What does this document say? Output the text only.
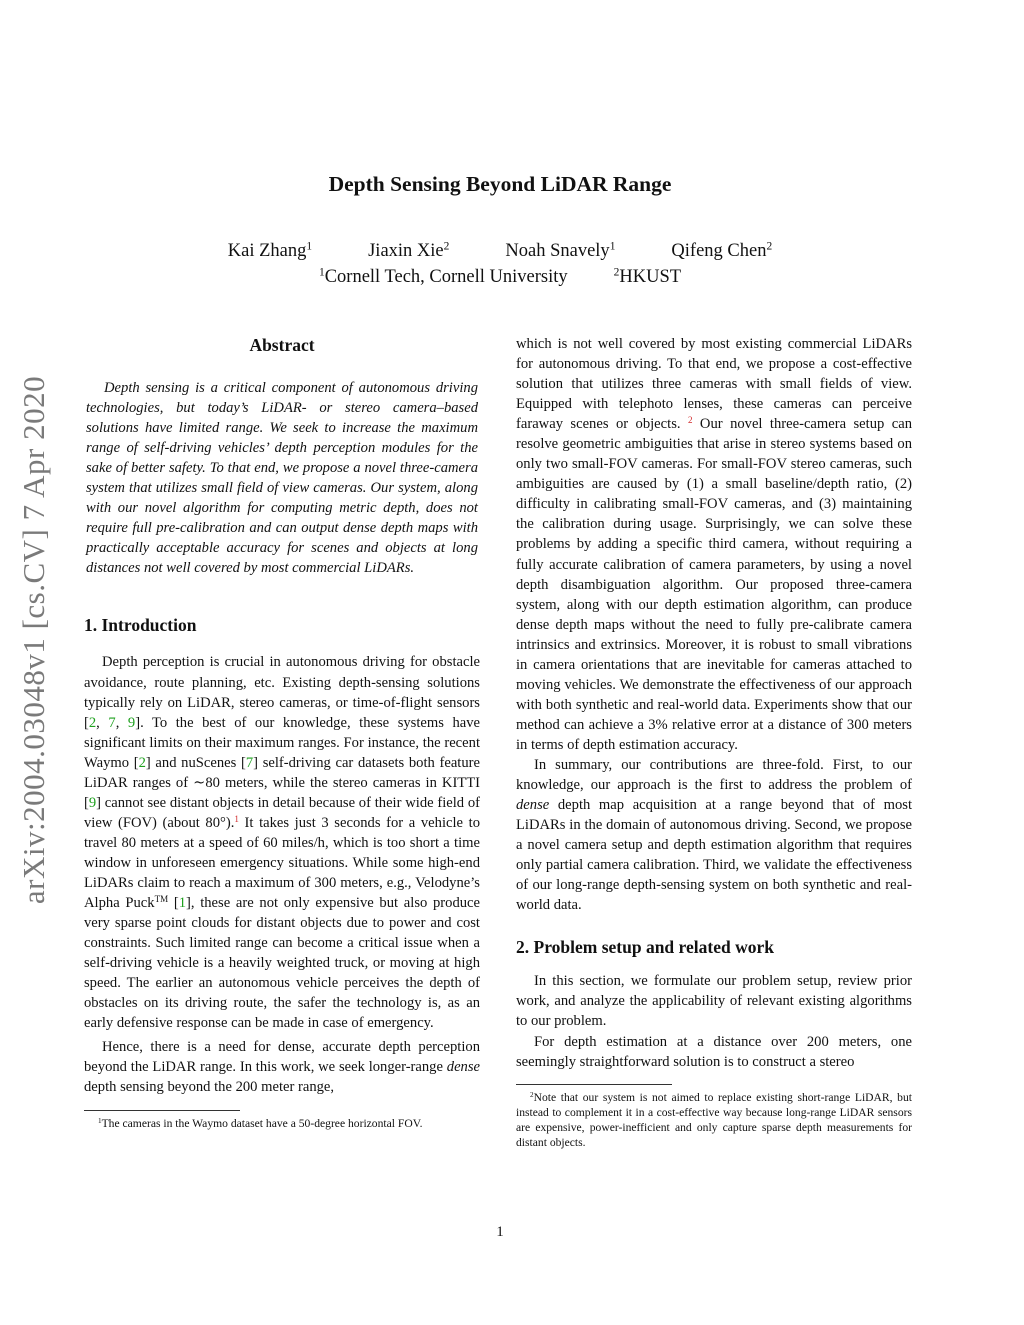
arXiv:2004.03048v1 [cs.CV] 7 Apr 2020
Depth Sensing Beyond LiDAR Range
Kai Zhang$^1$	Jiaxin Xie$^2$	Noah Snavely$^1$	Qifeng Chen$^2$
$^1$Cornell Tech, Cornell University	$^2$HKUST
Abstract

Depth sensing is a critical component of autonomous driving technologies, but today’s LiDAR- or stereo camera–based solutions have limited range. We seek to increase the maximum range of self-driving vehicles’ depth perception modules for the sake of better safety. To that end, we propose a novel three-camera system that utilizes small field of view cameras. Our system, along with our novel algorithm for computing metric depth, does not require full pre-calibration and can output dense depth maps with practically acceptable accuracy for scenes and objects at long distances not well covered by most commercial LiDARs.

1. Introduction

Depth perception is crucial in autonomous driving for obstacle avoidance, route planning, etc. Existing depth-sensing solutions typically rely on LiDAR, stereo cameras, or time-of-flight sensors [2, 7, 9]. To the best of our knowledge, these systems have significant limits on their maximum ranges. For instance, the recent Waymo [2] and nuScenes [7] self-driving car datasets both feature LiDAR ranges of ∼80 meters, while the stereo cameras in KITTI [9] cannot see distant objects in detail because of their wide field of view (FOV) (about 80°).$^1$ It takes just 3 seconds for a vehicle to travel 80 meters at a speed of 60 miles/h, which is too short a time window in unforeseen emergency situations. While some high-end LiDARs claim to reach a maximum of 300 meters, e.g., Velodyne’s Alpha Puck™ [1], these are not only expensive but also produce very sparse point clouds for distant objects due to power and cost constraints. Such limited range can become a critical issue when a self-driving vehicle is a heavily weighted truck, or moving at high speed. The earlier an autonomous vehicle perceives the depth of obstacles on its driving route, the safer the technology is, as an early defensive response can be made in case of emergency.

Hence, there is a need for dense, accurate depth perception beyond the LiDAR range. In this work, we seek longer-range dense depth sensing beyond the 200 meter range,

$^1$The cameras in the Waymo dataset have a 50-degree horizontal FOV.

which is not well covered by most existing commercial LiDARs for autonomous driving. To that end, we propose a cost-effective solution that utilizes three cameras with small fields of view. Equipped with telephoto lenses, these cameras can perceive faraway scenes or objects. $^2$ Our novel three-camera setup can resolve geometric ambiguities that arise in stereo systems based on only two small-FOV cameras. For small-FOV stereo cameras, such ambiguities are caused by (1) a small baseline/depth ratio, (2) difficulty in calibrating small-FOV cameras, and (3) maintaining the calibration during usage. Surprisingly, we can solve these problems by adding a specific third camera, without requiring a fully accurate calibration of camera parameters, by using a novel depth disambiguation algorithm. Our proposed three-camera system, along with our depth estimation algorithm, can produce dense depth maps without the need to fully pre-calibrate camera intrinsics and extrinsics. Moreover, it is robust to small vibrations in camera orientations that are inevitable for cameras attached to moving vehicles. We demonstrate the effectiveness of our approach with both synthetic and real-world data. Experiments show that our method can achieve a 3% relative error at a distance of 300 meters in terms of depth estimation accuracy.

In summary, our contributions are three-fold. First, to our knowledge, our approach is the first to address the problem of dense depth map acquisition at a range beyond that of most LiDARs in the domain of autonomous driving. Second, we propose a novel camera setup and depth estimation algorithm that requires only partial camera calibration. Third, we validate the effectiveness of our long-range depth-sensing system on both synthetic and real-world data.

2. Problem setup and related work

In this section, we formulate our problem setup, review prior work, and analyze the applicability of relevant existing algorithms to our problem.

For depth estimation at a distance over 200 meters, one seemingly straightforward solution is to construct a stereo

$^2$Note that our system is not aimed to replace existing short-range LiDAR, but instead to complement it in a cost-effective way because long-range LiDAR sensors are expensive, power-inefficient and only capture sparse depth measurements for distant objects.
1
